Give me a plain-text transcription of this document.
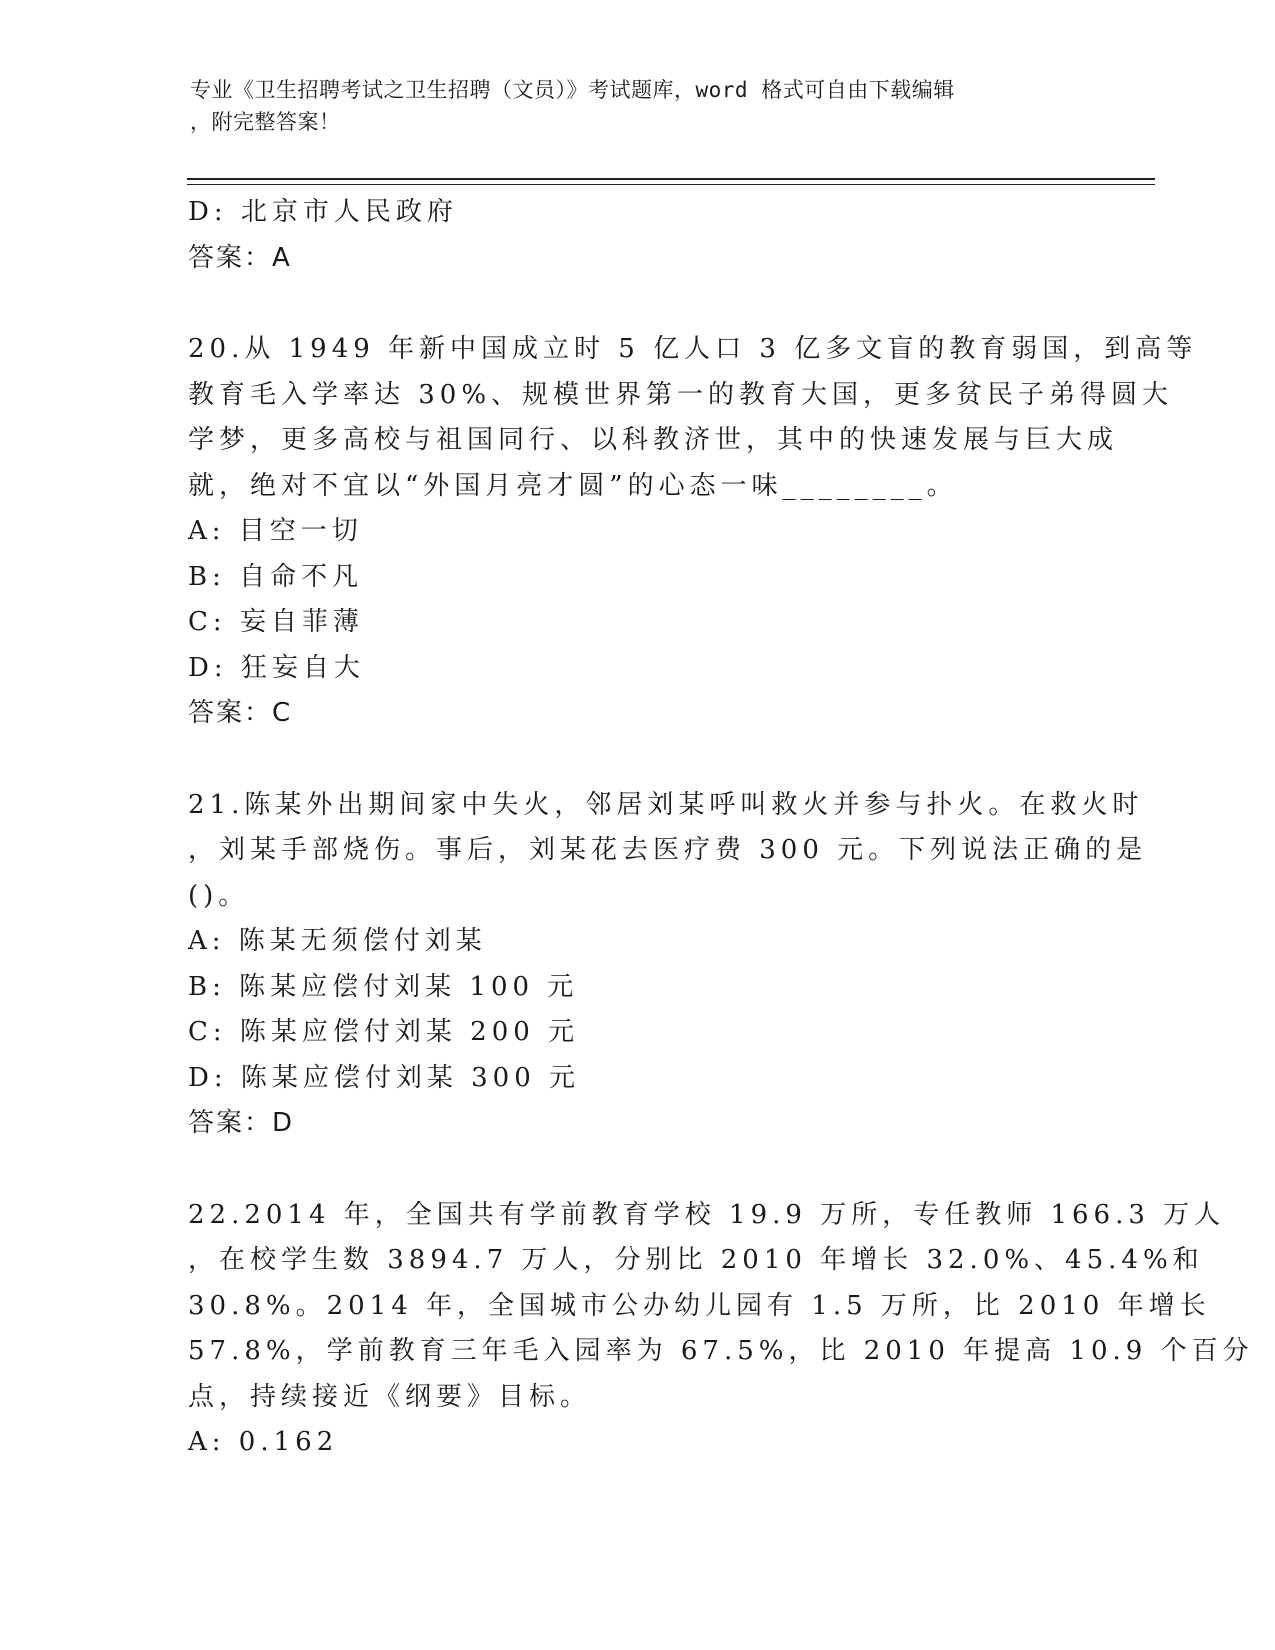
专业《卫生招聘考试之卫生招聘（文员）》考试题库，word 格式可自由下载编辑
，附完整答案！
D: 北京市人民政府
答案：A
20.从 1949 年新中国成立时 5 亿人口 3 亿多文盲的教育弱国，到高等
教育毛入学率达 30%、规模世界第一的教育大国，更多贫民子弟得圆大
学梦，更多高校与祖国同行、以科教济世，其中的快速发展与巨大成
就，绝对不宜以“外国月亮才圆”的心态一味________。
A: 目空一切
B: 自命不凡
C: 妄自菲薄
D: 狂妄自大
答案：C
21.陈某外出期间家中失火，邻居刘某呼叫救火并参与扑火。在救火时
，刘某手部烧伤。事后，刘某花去医疗费 300 元。下列说法正确的是
()。
A: 陈某无须偿付刘某
B: 陈某应偿付刘某 100 元
C: 陈某应偿付刘某 200 元
D: 陈某应偿付刘某 300 元
答案：D
22.2014 年，全国共有学前教育学校 19.9 万所，专任教师 166.3 万人
，在校学生数 3894.7 万人，分别比 2010 年增长 32.0%、45.4%和
30.8%。2014 年，全国城市公办幼儿园有 1.5 万所，比 2010 年增长
57.8%，学前教育三年毛入园率为 67.5%，比 2010 年提高 10.9 个百分
点，持续接近《纲要》目标。
A: 0.162
